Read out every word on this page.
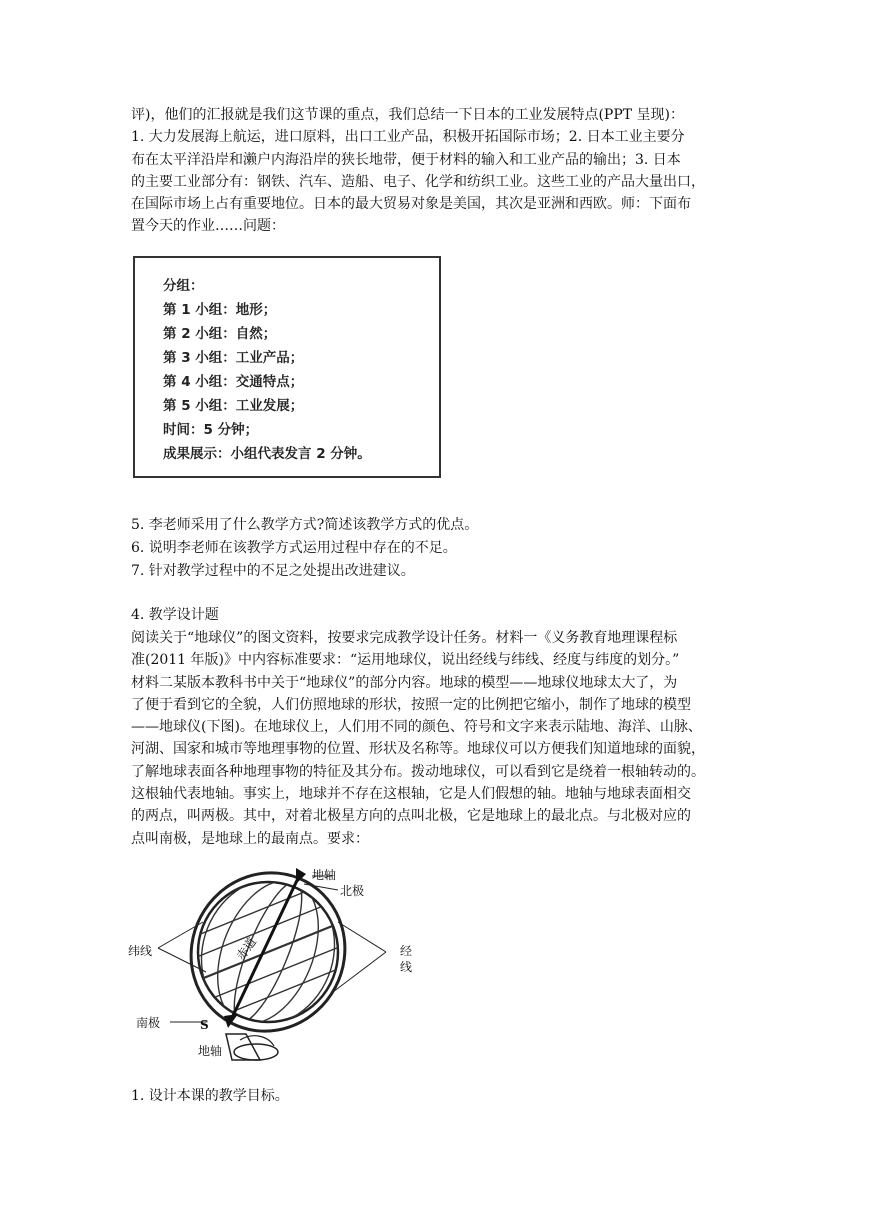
评)，他们的汇报就是我们这节课的重点，我们总结一下日本的工业发展特点(PPT 呈现)：
1. 大力发展海上航运，进口原料，出口工业产品，积极开拓国际市场；2. 日本工业主要分
布在太平洋沿岸和濑户内海沿岸的狭长地带，便于材料的输入和工业产品的输出；3. 日本
的主要工业部分有：钢铁、汽车、造船、电子、化学和纺织工业。这些工业的产品大量出口，
在国际市场上占有重要地位。日本的最大贸易对象是美国，其次是亚洲和西欧。师：下面布
置今天的作业……问题：
分组：
第 1 小组：地形；
第 2 小组：自然；
第 3 小组：工业产品；
第 4 小组：交通特点；
第 5 小组：工业发展；
时间：5 分钟；
成果展示：小组代表发言 2 分钟。
5. 李老师采用了什么教学方式?简述该教学方式的优点。
6. 说明李老师在该教学方式运用过程中存在的不足。
7. 针对教学过程中的不足之处提出改进建议。
4. 教学设计题
阅读关于“地球仪”的图文资料，按要求完成教学设计任务。材料一《义务教育地理课程标
准(2011 年版)》中内容标准要求：“运用地球仪，说出经线与纬线、经度与纬度的划分。”
材料二某版本教科书中关于“地球仪”的部分内容。地球的模型——地球仪地球太大了，为
了便于看到它的全貌，人们仿照地球的形状，按照一定的比例把它缩小，制作了地球的模型
——地球仪(下图)。在地球仪上，人们用不同的颜色、符号和文字来表示陆地、海洋、山脉、
河湖、国家和城市等地理事物的位置、形状及名称等。地球仪可以方便我们知道地球的面貌，
了解地球表面各种地理事物的特征及其分布。拨动地球仪，可以看到它是绕着一根轴转动的。
这根轴代表地轴。事实上，地球并不存在这根轴，它是人们假想的轴。地轴与地球表面相交
的两点，叫两极。其中，对着北极星方向的点叫北极，它是地球上的最北点。与北极对应的
点叫南极，是地球上的最南点。要求：
地轴
北极
纬线	赤道	经
线
南极	S
地轴
1. 设计本课的教学目标。
